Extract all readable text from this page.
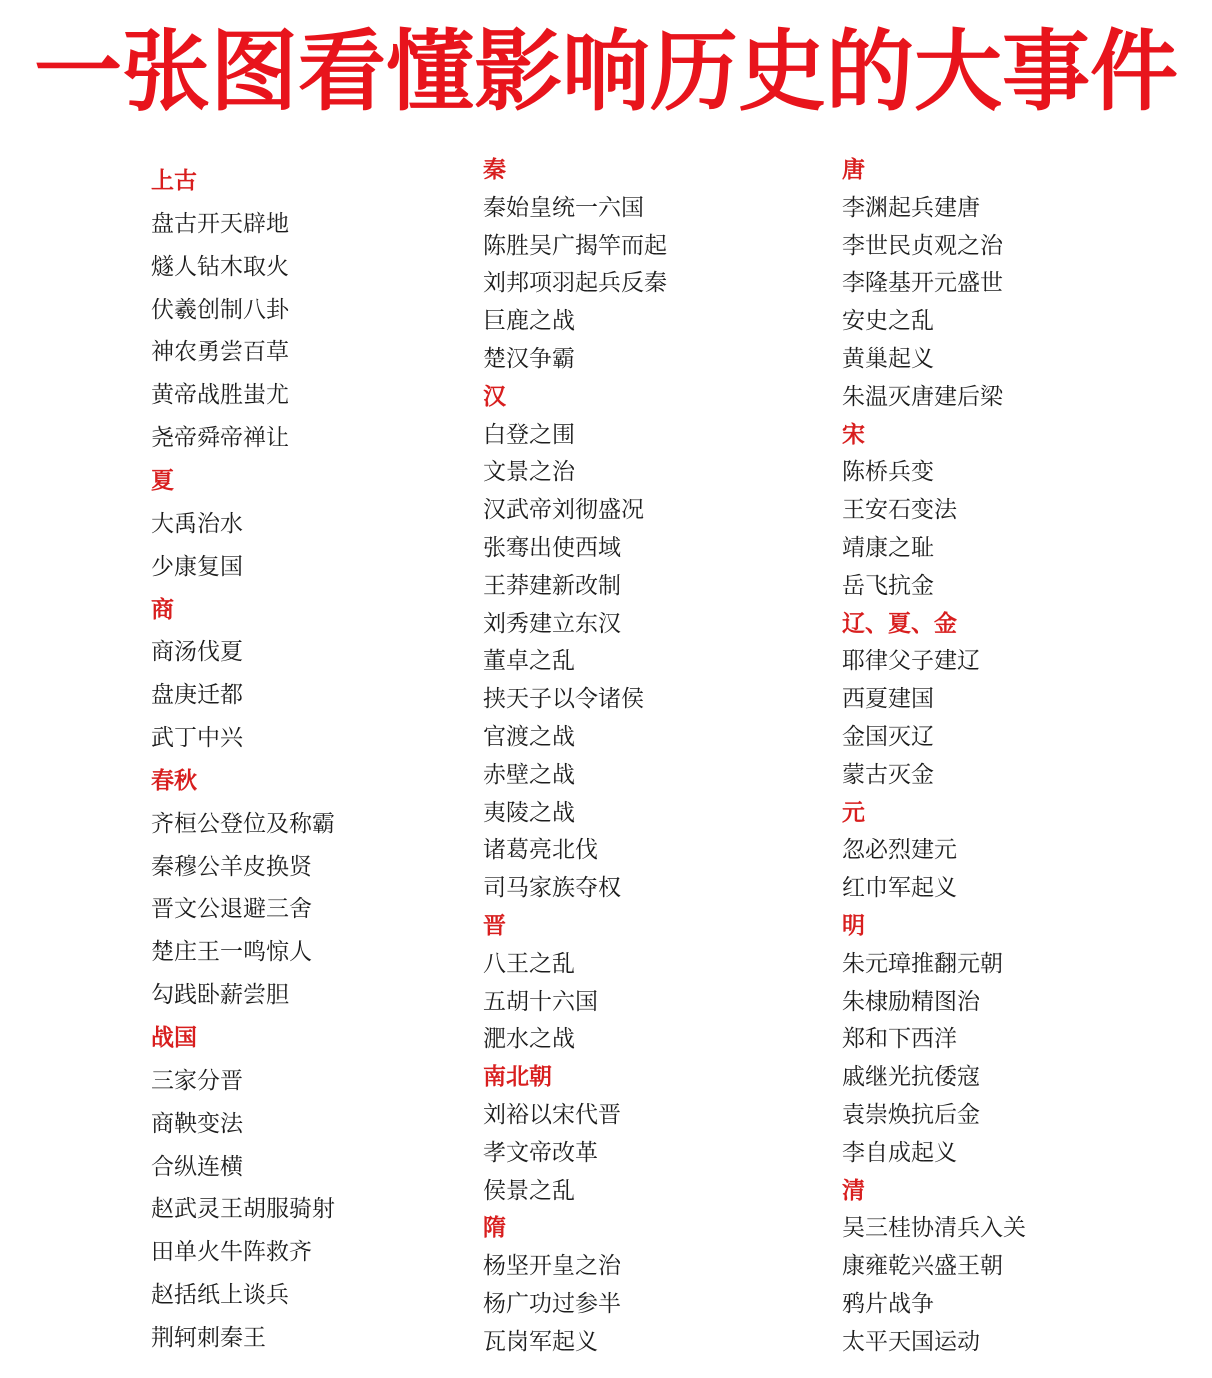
一张图看懂影响历史的大事件
上古
盘古开天辟地
燧人钻木取火
伏羲创制八卦
神农勇尝百草
黄帝战胜蚩尤
尧帝舜帝禅让
夏
大禹治水
少康复国
商
商汤伐夏
盘庚迁都
武丁中兴
春秋
齐桓公登位及称霸
秦穆公羊皮换贤
晋文公退避三舍
楚庄王一鸣惊人
勾践卧薪尝胆
战国
三家分晋
商鞅变法
合纵连横
赵武灵王胡服骑射
田单火牛阵救齐
赵括纸上谈兵
荆轲刺秦王
秦
秦始皇统一六国
陈胜吴广揭竿而起
刘邦项羽起兵反秦
巨鹿之战
楚汉争霸
汉
白登之围
文景之治
汉武帝刘彻盛况
张骞出使西域
王莽建新改制
刘秀建立东汉
董卓之乱
挟天子以令诸侯
官渡之战
赤壁之战
夷陵之战
诸葛亮北伐
司马家族夺权
晋
八王之乱
五胡十六国
淝水之战
南北朝
刘裕以宋代晋
孝文帝改革
侯景之乱
隋
杨坚开皇之治
杨广功过参半
瓦岗军起义
唐
李渊起兵建唐
李世民贞观之治
李隆基开元盛世
安史之乱
黄巢起义
朱温灭唐建后梁
宋
陈桥兵变
王安石变法
靖康之耻
岳飞抗金
辽、夏、金
耶律父子建辽
西夏建国
金国灭辽
蒙古灭金
元
忽必烈建元
红巾军起义
明
朱元璋推翻元朝
朱棣励精图治
郑和下西洋
戚继光抗倭寇
袁崇焕抗后金
李自成起义
清
吴三桂协清兵入关
康雍乾兴盛王朝
鸦片战争
太平天国运动
